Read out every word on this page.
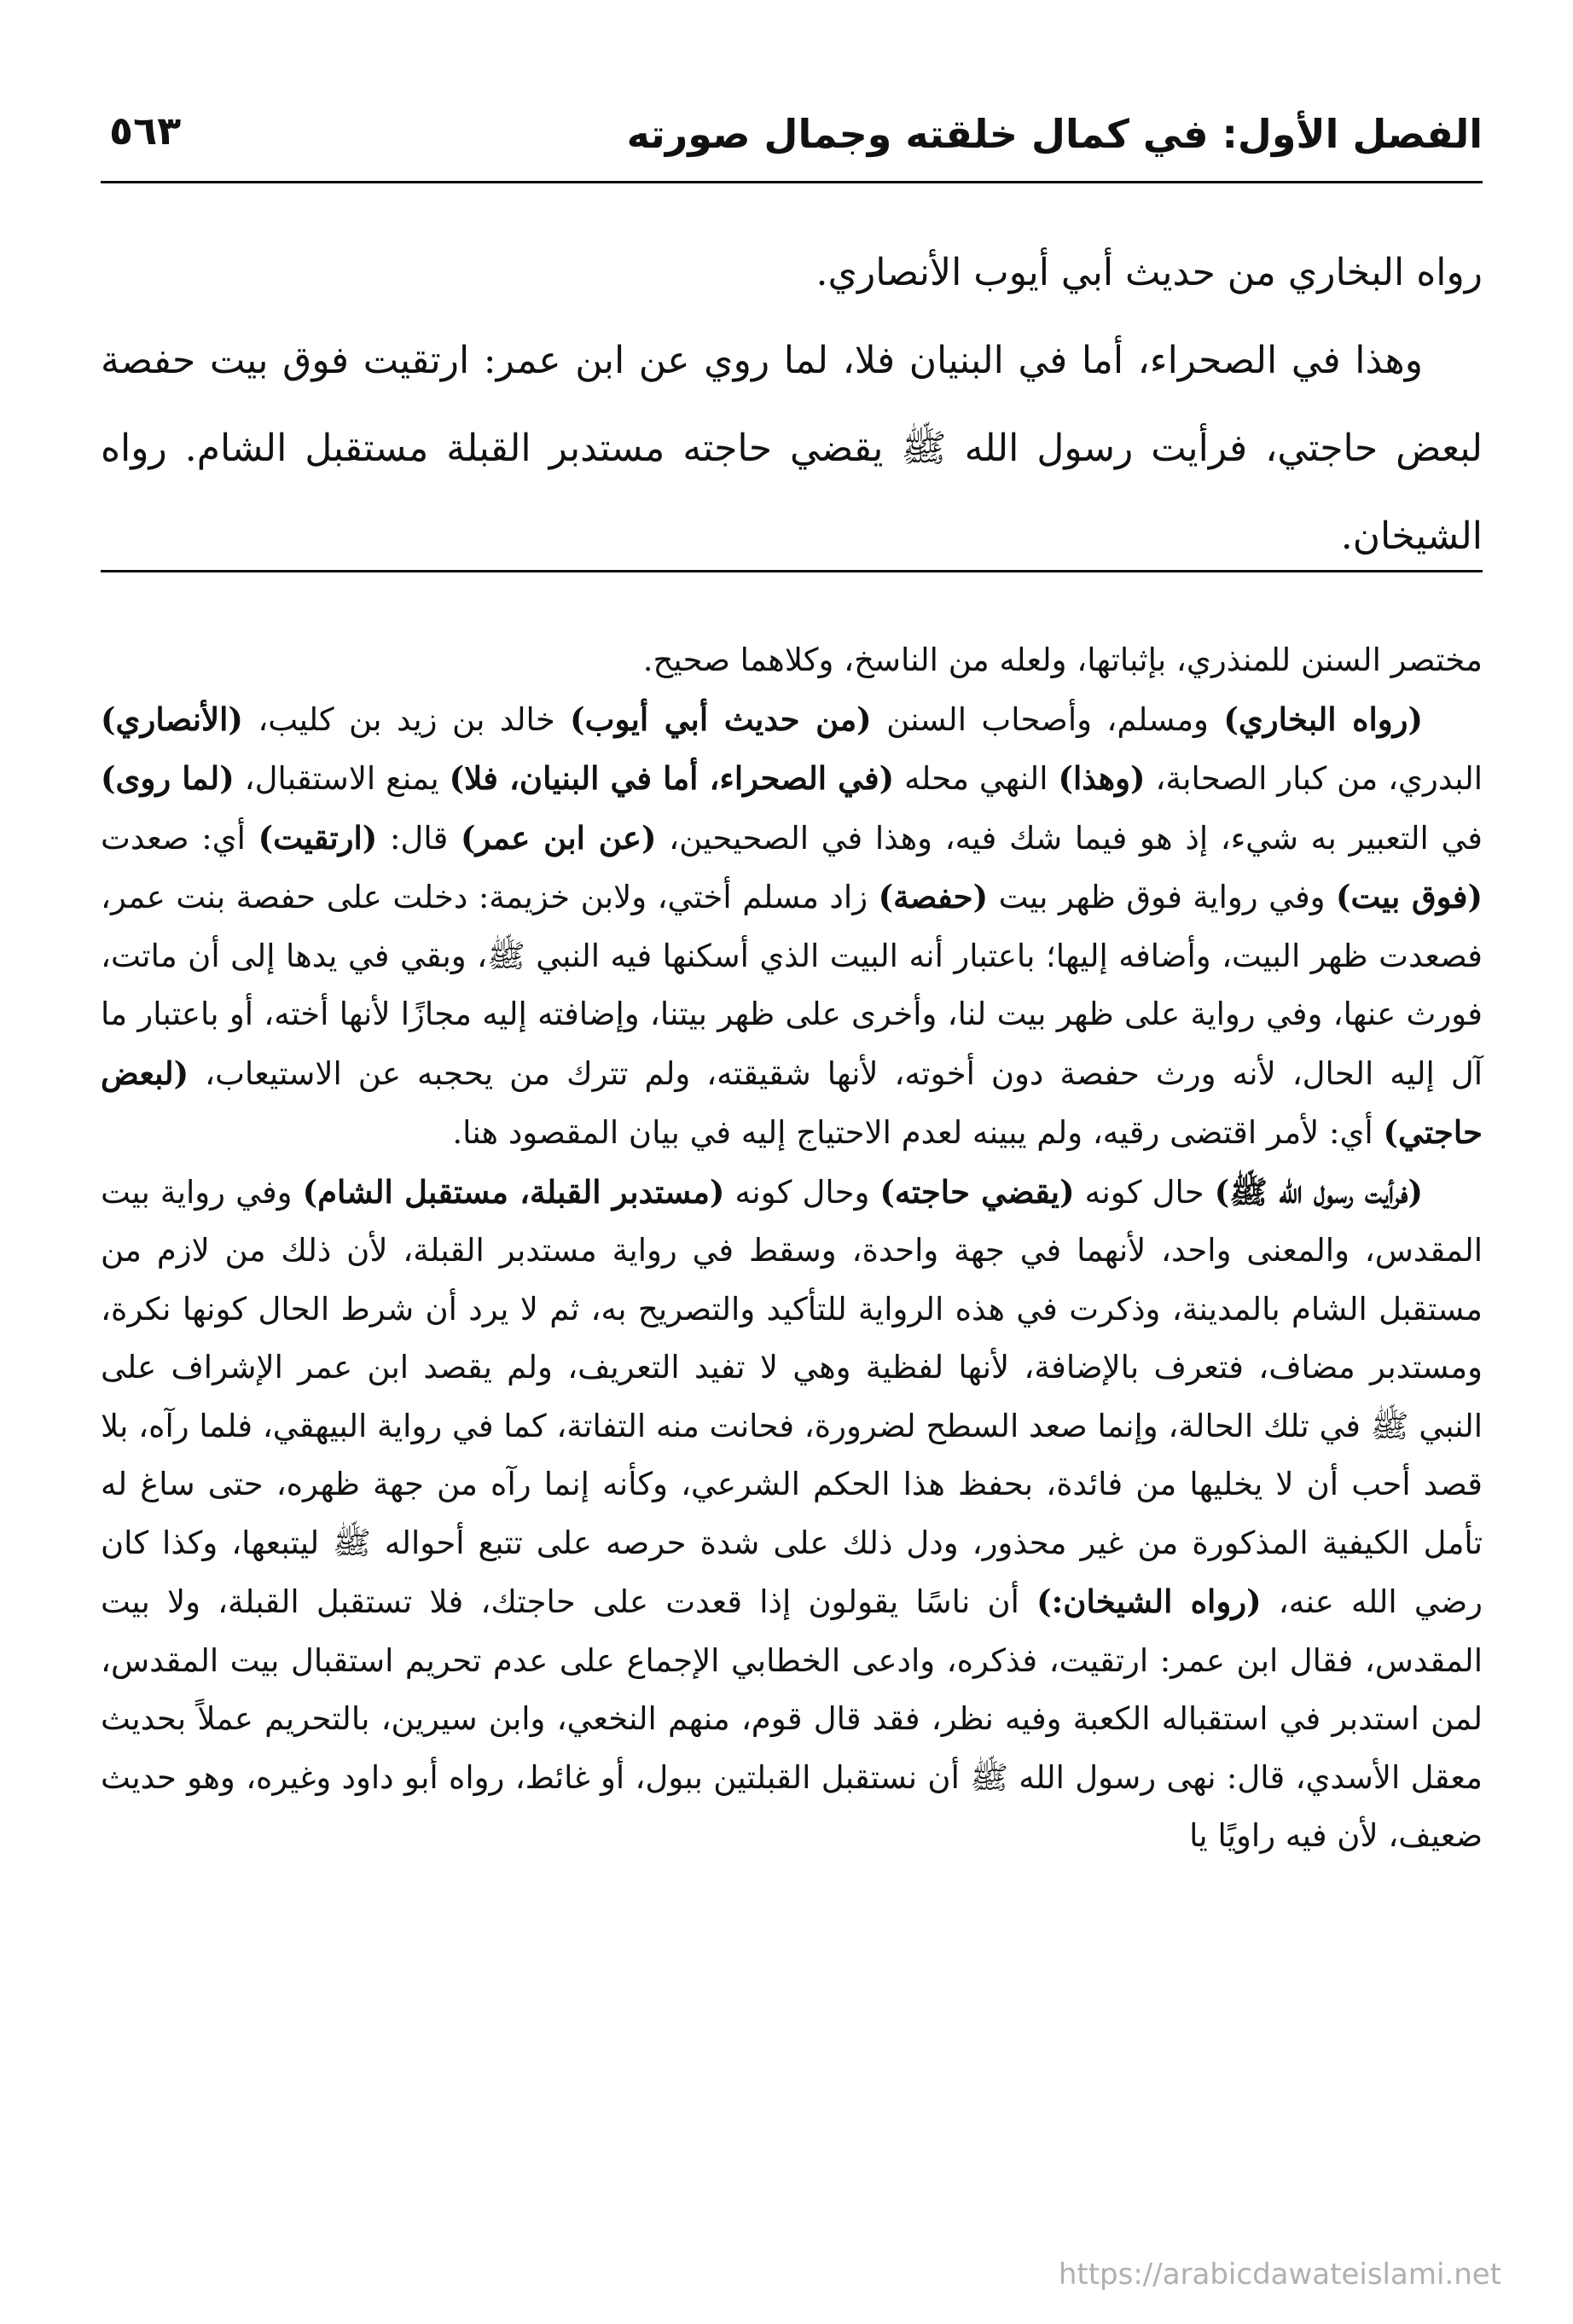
الفصل الأول: في كمال خلقته وجمال صورته
٥٦٣

رواه البخاري من حديث أبي أيوب الأنصاري.

وهذا في الصحراء، أما في البنيان فلا، لما روي عن ابن عمر: ارتقيت فوق بيت حفصة لبعض حاجتي، فرأيت رسول الله ﷺ يقضي حاجته مستدبر القبلة مستقبل الشام. رواه الشيخان.

مختصر السنن للمنذري، بإثباتها، ولعله من الناسخ، وكلاهما صحيح.

(رواه البخاري) ومسلم، وأصحاب السنن (من حديث أبي أيوب) خالد بن زيد بن كليب، (الأنصاري) البدري، من كبار الصحابة، (وهذا) النهي محله (في الصحراء، أما في البنيان، فلا) يمنع الاستقبال، (لما روى) في التعبير به شيء، إذ هو فيما شك فيه، وهذا في الصحيحين، (عن ابن عمر) قال: (ارتقيت) أي: صعدت (فوق بيت) وفي رواية فوق ظهر بيت (حفصة) زاد مسلم أختي، ولابن خزيمة: دخلت على حفصة بنت عمر، فصعدت ظهر البيت، وأضافه إليها؛ باعتبار أنه البيت الذي أسكنها فيه النبي ﷺ، وبقي في يدها إلى أن ماتت، فورث عنها، وفي رواية على ظهر بيت لنا، وأخرى على ظهر بيتنا، وإضافته إليه مجازًا لأنها أخته، أو باعتبار ما آل إليه الحال، لأنه ورث حفصة دون أخوته، لأنها شقيقته، ولم تترك من يحجبه عن الاستيعاب، (لبعض حاجتي) أي: لأمر اقتضى رقيه، ولم يبينه لعدم الاحتياج إليه في بيان المقصود هنا.

(فرأيت رسول الله ﷺ) حال كونه (يقضي حاجته) وحال كونه (مستدبر القبلة، مستقبل الشام) وفي رواية بيت المقدس، والمعنى واحد، لأنهما في جهة واحدة، وسقط في رواية مستدبر القبلة، لأن ذلك من لازم من مستقبل الشام بالمدينة، وذكرت في هذه الرواية للتأكيد والتصريح به، ثم لا يرد أن شرط الحال كونها نكرة، ومستدبر مضاف، فتعرف بالإضافة، لأنها لفظية وهي لا تفيد التعريف، ولم يقصد ابن عمر الإشراف على النبي ﷺ في تلك الحالة، وإنما صعد السطح لضرورة، فحانت منه التفاتة، كما في رواية البيهقي، فلما رآه، بلا قصد أحب أن لا يخليها من فائدة، بحفظ هذا الحكم الشرعي، وكأنه إنما رآه من جهة ظهره، حتى ساغ له تأمل الكيفية المذكورة من غير محذور، ودل ذلك على شدة حرصه على تتبع أحواله ﷺ ليتبعها، وكذا كان رضي الله عنه، (رواه الشيخان:) أن ناسًا يقولون إذا قعدت على حاجتك، فلا تستقبل القبلة، ولا بيت المقدس، فقال ابن عمر: ارتقيت، فذكره، وادعى الخطابي الإجماع على عدم تحريم استقبال بيت المقدس، لمن استدبر في استقباله الكعبة وفيه نظر، فقد قال قوم، منهم النخعي، وابن سيرين، بالتحريم عملاً بحديث معقل الأسدي، قال: نهى رسول الله ﷺ أن نستقبل القبلتين ببول، أو غائط، رواه أبو داود وغيره، وهو حديث ضعيف، لأن فيه راويًا يا

https://arabicdawateislami.net
